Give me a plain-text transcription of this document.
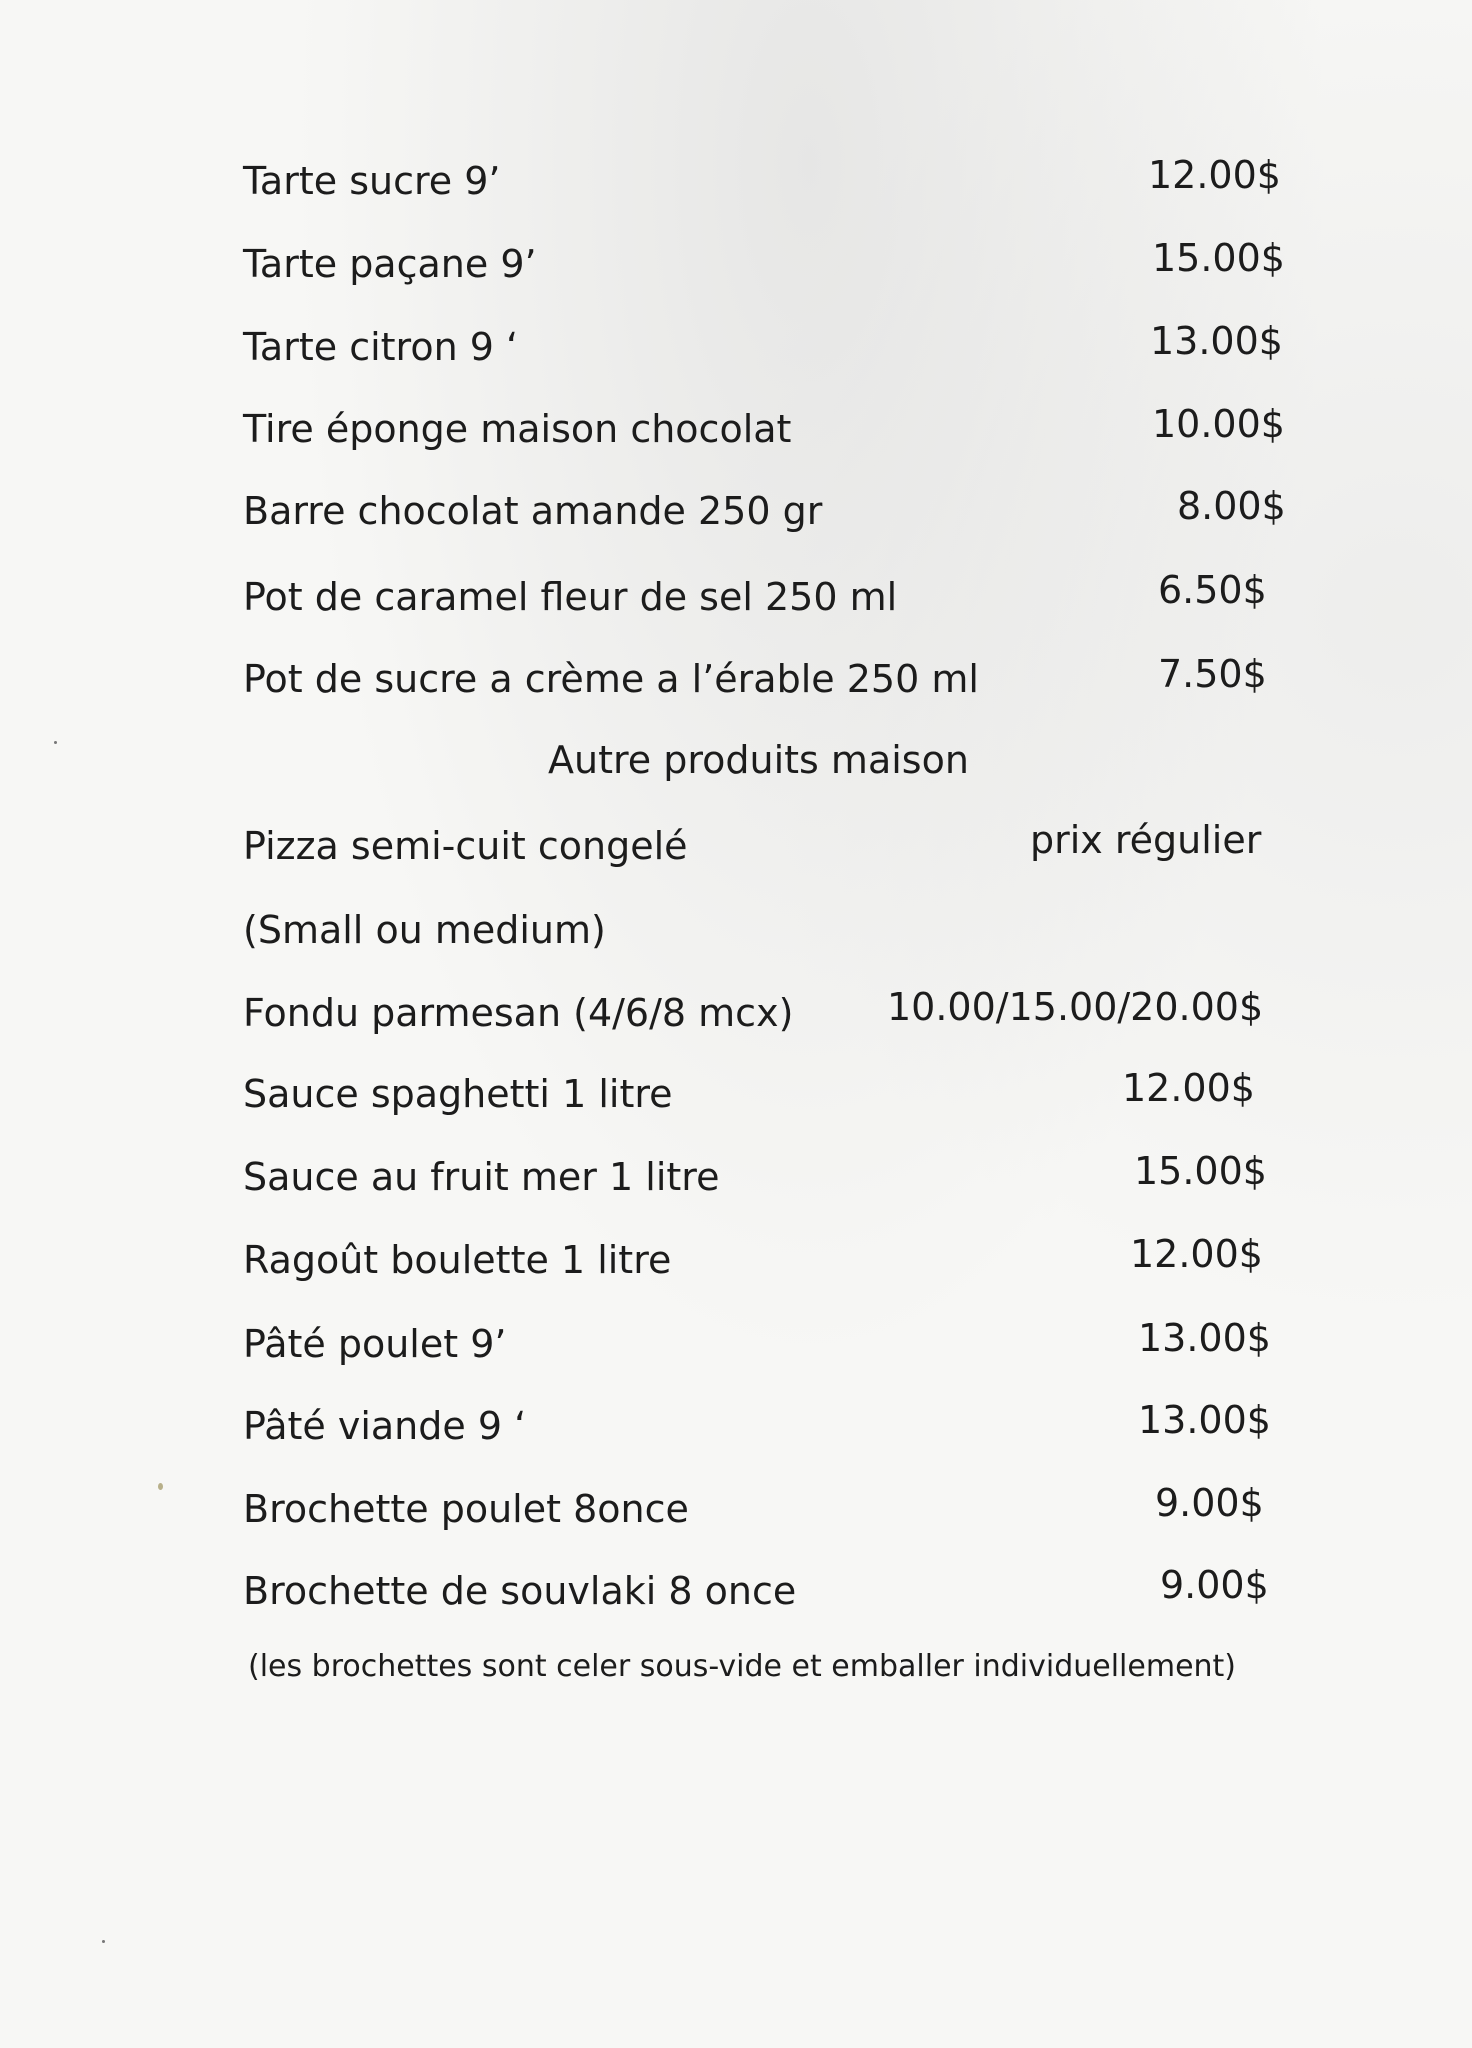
Tarte sucre 9’	12.00$
Tarte paçane 9’	15.00$
Tarte citron 9 ‘	13.00$
Tire éponge maison chocolat	10.00$
Barre chocolat amande 250 gr	8.00$
Pot de caramel fleur de sel 250 ml	6.50$
Pot de sucre a crème a l’érable 250 ml	7.50$
Autre produits maison
Pizza semi-cuit congelé	prix régulier
(Small ou medium)
Fondu parmesan (4/6/8 mcx) 10.00/15.00/20.00$
Sauce spaghetti 1 litre	12.00$
Sauce au fruit mer 1 litre	15.00$
Ragoût boulette 1 litre	12.00$
Pâté poulet 9’	13.00$
Pâté viande 9 ‘	13.00$
Brochette poulet 8once	9.00$
Brochette de souvlaki 8 once	9.00$
(les brochettes sont celer sous-vide et emballer individuellement)
